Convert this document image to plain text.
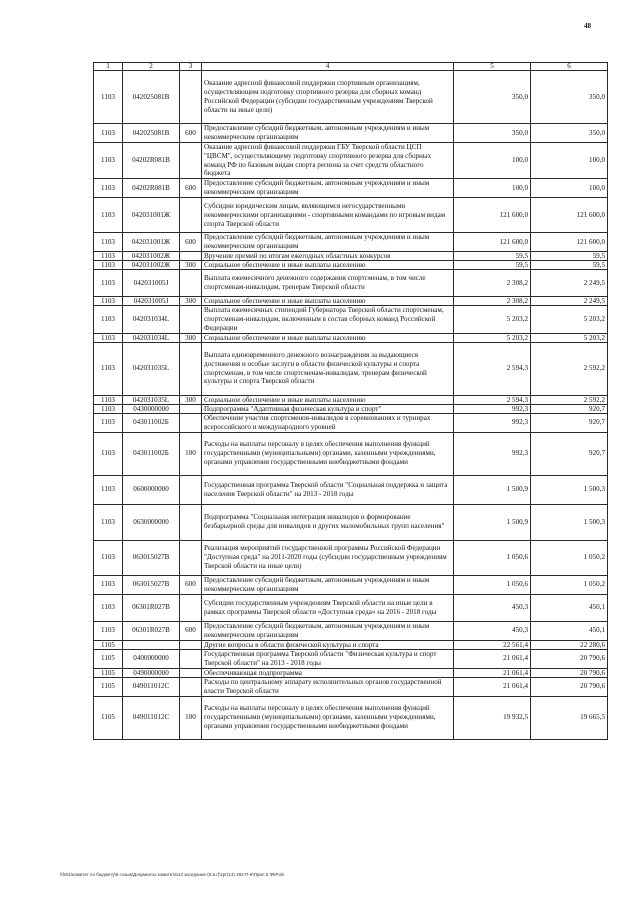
48
1	2	3	4	5	6
1103	042025081В		Оказание адресной финансовой поддержки спортивным организациям, осуществляющим подготовку спортивного резерва для сборных команд Российской Федерации (субсидии государственным учреждениям Тверской области на иные цели)	350,0	350,0
1103	042025081В	600	Предоставление субсидий бюджетным, автономным учреждениям и иным некоммерческим организациям	350,0	350,0
1103	04202R081В		Оказание адресной финансовой поддержки ГБУ Тверской области ЦСП "ЦВСМ", осуществляющему подготовку спортивного резерва для сборных команд РФ по базовым видам спорта региона за счет средств областного бюджета	100,0	100,0
1103	04202R081В	600	Предоставление субсидий бюджетным, автономным учреждениям и иным некоммерческим организациям	100,0	100,0
1103	042031001Ж		Субсидии юридическим лицам, являющимся негосударственными некоммерческими организациями - спортивными командами по игровым видам спорта Тверской области	121 600,0	121 600,0
1103	042031001Ж	600	Предоставление субсидий бюджетным, автономным учреждениям и иным некоммерческим организациям	121 600,0	121 600,0
1103	042031002Ж		Вручение премий по итогам ежегодных областных конкурсов	59,5	59,5
1103	042031002Ж	300	Социальное обеспечение и иные выплаты населению	59,5	59,5
1103	042031005J		Выплата ежемесячного денежного содержания спортсменам, в том числе спортсменам-инвалидам, тренерам Тверской области	2 308,2	2 249,5
1103	042031005J	300	Социальное обеспечение и иные выплаты населению	2 308,2	2 249,5
1103	042031034L		Выплата ежемесячных стипендий Губернатора Тверской области спортсменам, спортсменам-инвалидам, включенным в состав сборных команд Российской Федерации	5 203,2	5 203,2
1103	042031034L	300	Социальное обеспечение и иные выплаты населению	5 203,2	5 203,2
1103	042031035L		Выплата единовременного денежного вознаграждения за выдающиеся достижения и особые заслуги в области физической культуры и спорта спортсменам, в том числе спортсменам-инвалидам, тренерам физической культуры и спорта Тверской области	2 594,3	2 592,2
1103	042031035L	300	Социальное обеспечение и иные выплаты населению	2 594,3	2 592,2
1103	0430000000		Подпрограмма "Адаптивная физическая культура и спорт"	992,3	920,7
1103	043011002Б		Обеспечение участия спортсменов-инвалидов в соревнованиях и турнирах всероссийского и международного уровней	992,3	920,7
1103	043011002Б	100	Расходы на выплаты персоналу в целях обеспечения выполнения функций государственными (муниципальными) органами, казенными учреждениями, органами управления государственными внебюджетными фондами	992,3	920,7
1103	0600000000		Государственная программа Тверской области "Социальная поддержка и защита населения Тверской области" на 2013 - 2018 годы	1 500,9	1 500,3
1103	0630000000		Подпрограмма "Социальная интеграция инвалидов и формирование безбарьерной среды для инвалидов и других маломобильных групп населения"	1 500,9	1 500,3
1103	063015027В		Реализация мероприятий государственной программы Российской Федерации "Доступная среда" на 2011-2020 годы (субсидии государственным учреждениям Тверской области на иные цели)	1 050,6	1 050,2
1103	063015027В	600	Предоставление субсидий бюджетным, автономным учреждениям и иным некоммерческим организациям	1 050,6	1 050,2
1103	06301R027В		Субсидии государственным учреждениям Тверской области на иные цели в рамках программы Тверской области «Доступная среда» на 2016 - 2018 годы	450,3	450,1
1103	06301R027В	600	Предоставление субсидий бюджетным, автономным учреждениям и иным некоммерческим организациям	450,3	450,1
1105			Другие вопросы в области физической культуры и спорта	22 561,4	22 280,6
1105	0400000000		Государственная программа Тверской области "Физическая культура и спорт Тверской области" на 2013 - 2018 годы	21 061,4	20 790,6
1105	0490000000		Обеспечивающая подпрограмма	21 061,4	20 790,6
1105	049011012С		Расходы по центральному аппарату исполнительных органов государственной власти Тверской области	21 061,4	20 790,6
1105	049011012С	100	Расходы на выплаты персоналу в целях обеспечения выполнения функций государственными (муниципальными) органами, казенными учреждениями, органами управления государственными внебюджетными фондами	19 932,5	19 665,5
\\fs01\комитет по бюджету\6 созыв\Документы комитета\13 заседание (6.6.г)\zpr(13) 282-П-6\Прил 5 ФКР.xls
